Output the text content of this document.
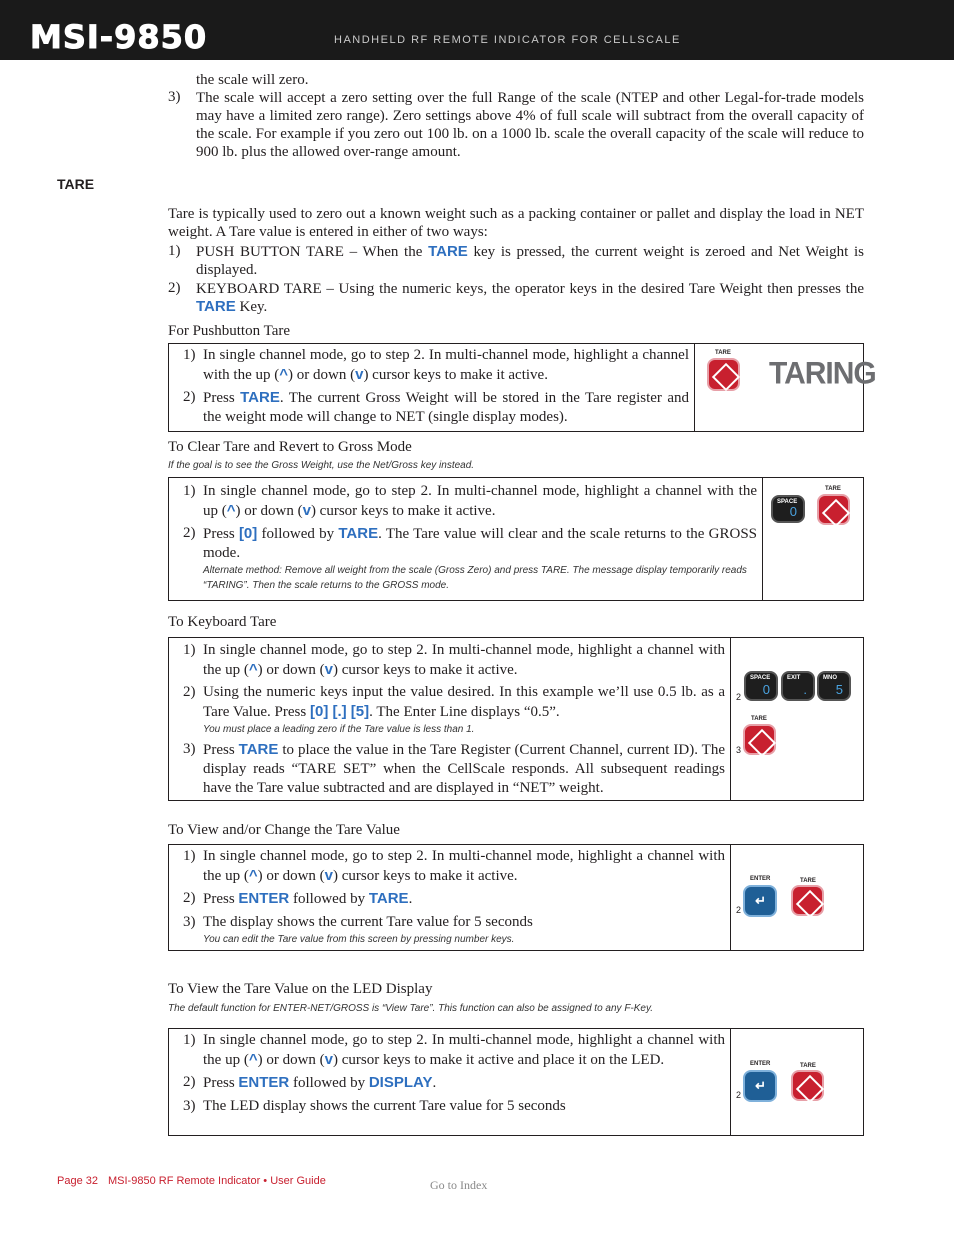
MSI-9850	HANDHELD RF REMOTE INDICATOR FOR CELLSCALE
the scale will zero.
3) The scale will accept a zero setting over the full Range of the scale (NTEP and other Legal-for-trade models may have a limited zero range). Zero settings above 4% of full scale will subtract from the overall capacity of the scale. For example if you zero out 100 lb. on a 1000 lb. scale the overall capacity of the scale will reduce to 900 lb. plus the allowed over-range amount.
TARE
Tare is typically used to zero out a known weight such as a packing container or pallet and display the load in NET weight. A Tare value is entered in either of two ways:
1) PUSH BUTTON TARE – When the TARE key is pressed, the current weight is zeroed and Net Weight is displayed.
2) KEYBOARD TARE – Using the numeric keys, the operator keys in the desired Tare Weight then presses the TARE Key.
For Pushbutton Tare
1) In single channel mode, go to step 2. In multi-channel mode, highlight a channel with the up (^) or down (v) cursor keys to make it active.
2) Press TARE. The current Gross Weight will be stored in the Tare register and the weight mode will change to NET (single display modes).
TARE
TARING
To Clear Tare and Revert to Gross Mode
If the goal is to see the Gross Weight, use the Net/Gross key instead.
1) In single channel mode, go to step 2. In multi-channel mode, highlight a channel with the up (^) or down (v) cursor keys to make it active.
2) Press [0] followed by TARE. The Tare value will clear and the scale returns to the GROSS mode.
Alternate method: Remove all weight from the scale (Gross Zero) and press TARE. The message display temporarily reads “TARING”. Then the scale returns to the GROSS mode.
SPACE
0
TARE
To Keyboard Tare
1) In single channel mode, go to step 2. In multi-channel mode, highlight a channel with the up (^) or down (v) cursor keys to make it active.
2) Using the numeric keys input the value desired. In this example we’ll use 0.5 lb. as a Tare Value. Press [0] [.] [5]. The Enter Line displays “0.5”.
You must place a leading zero if the Tare value is less than 1.
3) Press TARE to place the value in the Tare Register (Current Channel, current ID). The display reads “TARE SET” when the CellScale responds. All subsequent readings have the Tare value subtracted and are displayed in “NET” weight.
2
SPACE
0
EXIT
.
MNO
5
TARE
3
To View and/or Change the Tare Value
1) In single channel mode, go to step 2. In multi-channel mode, highlight a channel with the up (^) or down (v) cursor keys to make it active.
2) Press ENTER followed by TARE.
3) The display shows the current Tare value for 5 seconds
You can edit the Tare value from this screen by pressing number keys.
2
ENTER
↵
TARE
To View the Tare Value on the LED Display
The default function for ENTER-NET/GROSS is “View Tare”. This function can also be assigned to any F-Key.
1) In single channel mode, go to step 2. In multi-channel mode, highlight a channel with the up (^) or down (v) cursor keys to make it active and place it on the LED.
2) Press ENTER followed by DISPLAY.
3) The LED display shows the current Tare value for 5 seconds
2
ENTER
↵
TARE
Page 32 MSI-9850 RF Remote Indicator • User Guide	Go to Index
